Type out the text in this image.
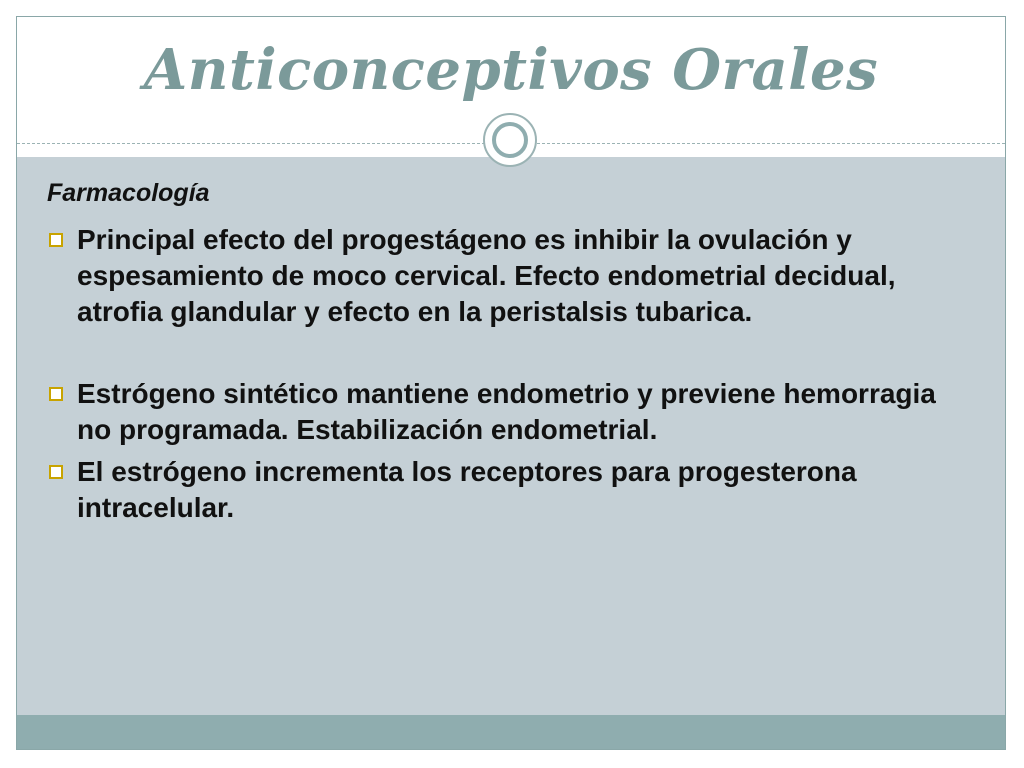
Anticonceptivos Orales
Farmacología
Principal efecto del progestágeno es inhibir la ovulación y espesamiento de moco cervical. Efecto endometrial decidual, atrofia glandular y efecto en la peristalsis tubarica.
Estrógeno sintético mantiene endometrio y previene hemorragia no programada. Estabilización endometrial.
El estrógeno incrementa los receptores para progesterona intracelular.
